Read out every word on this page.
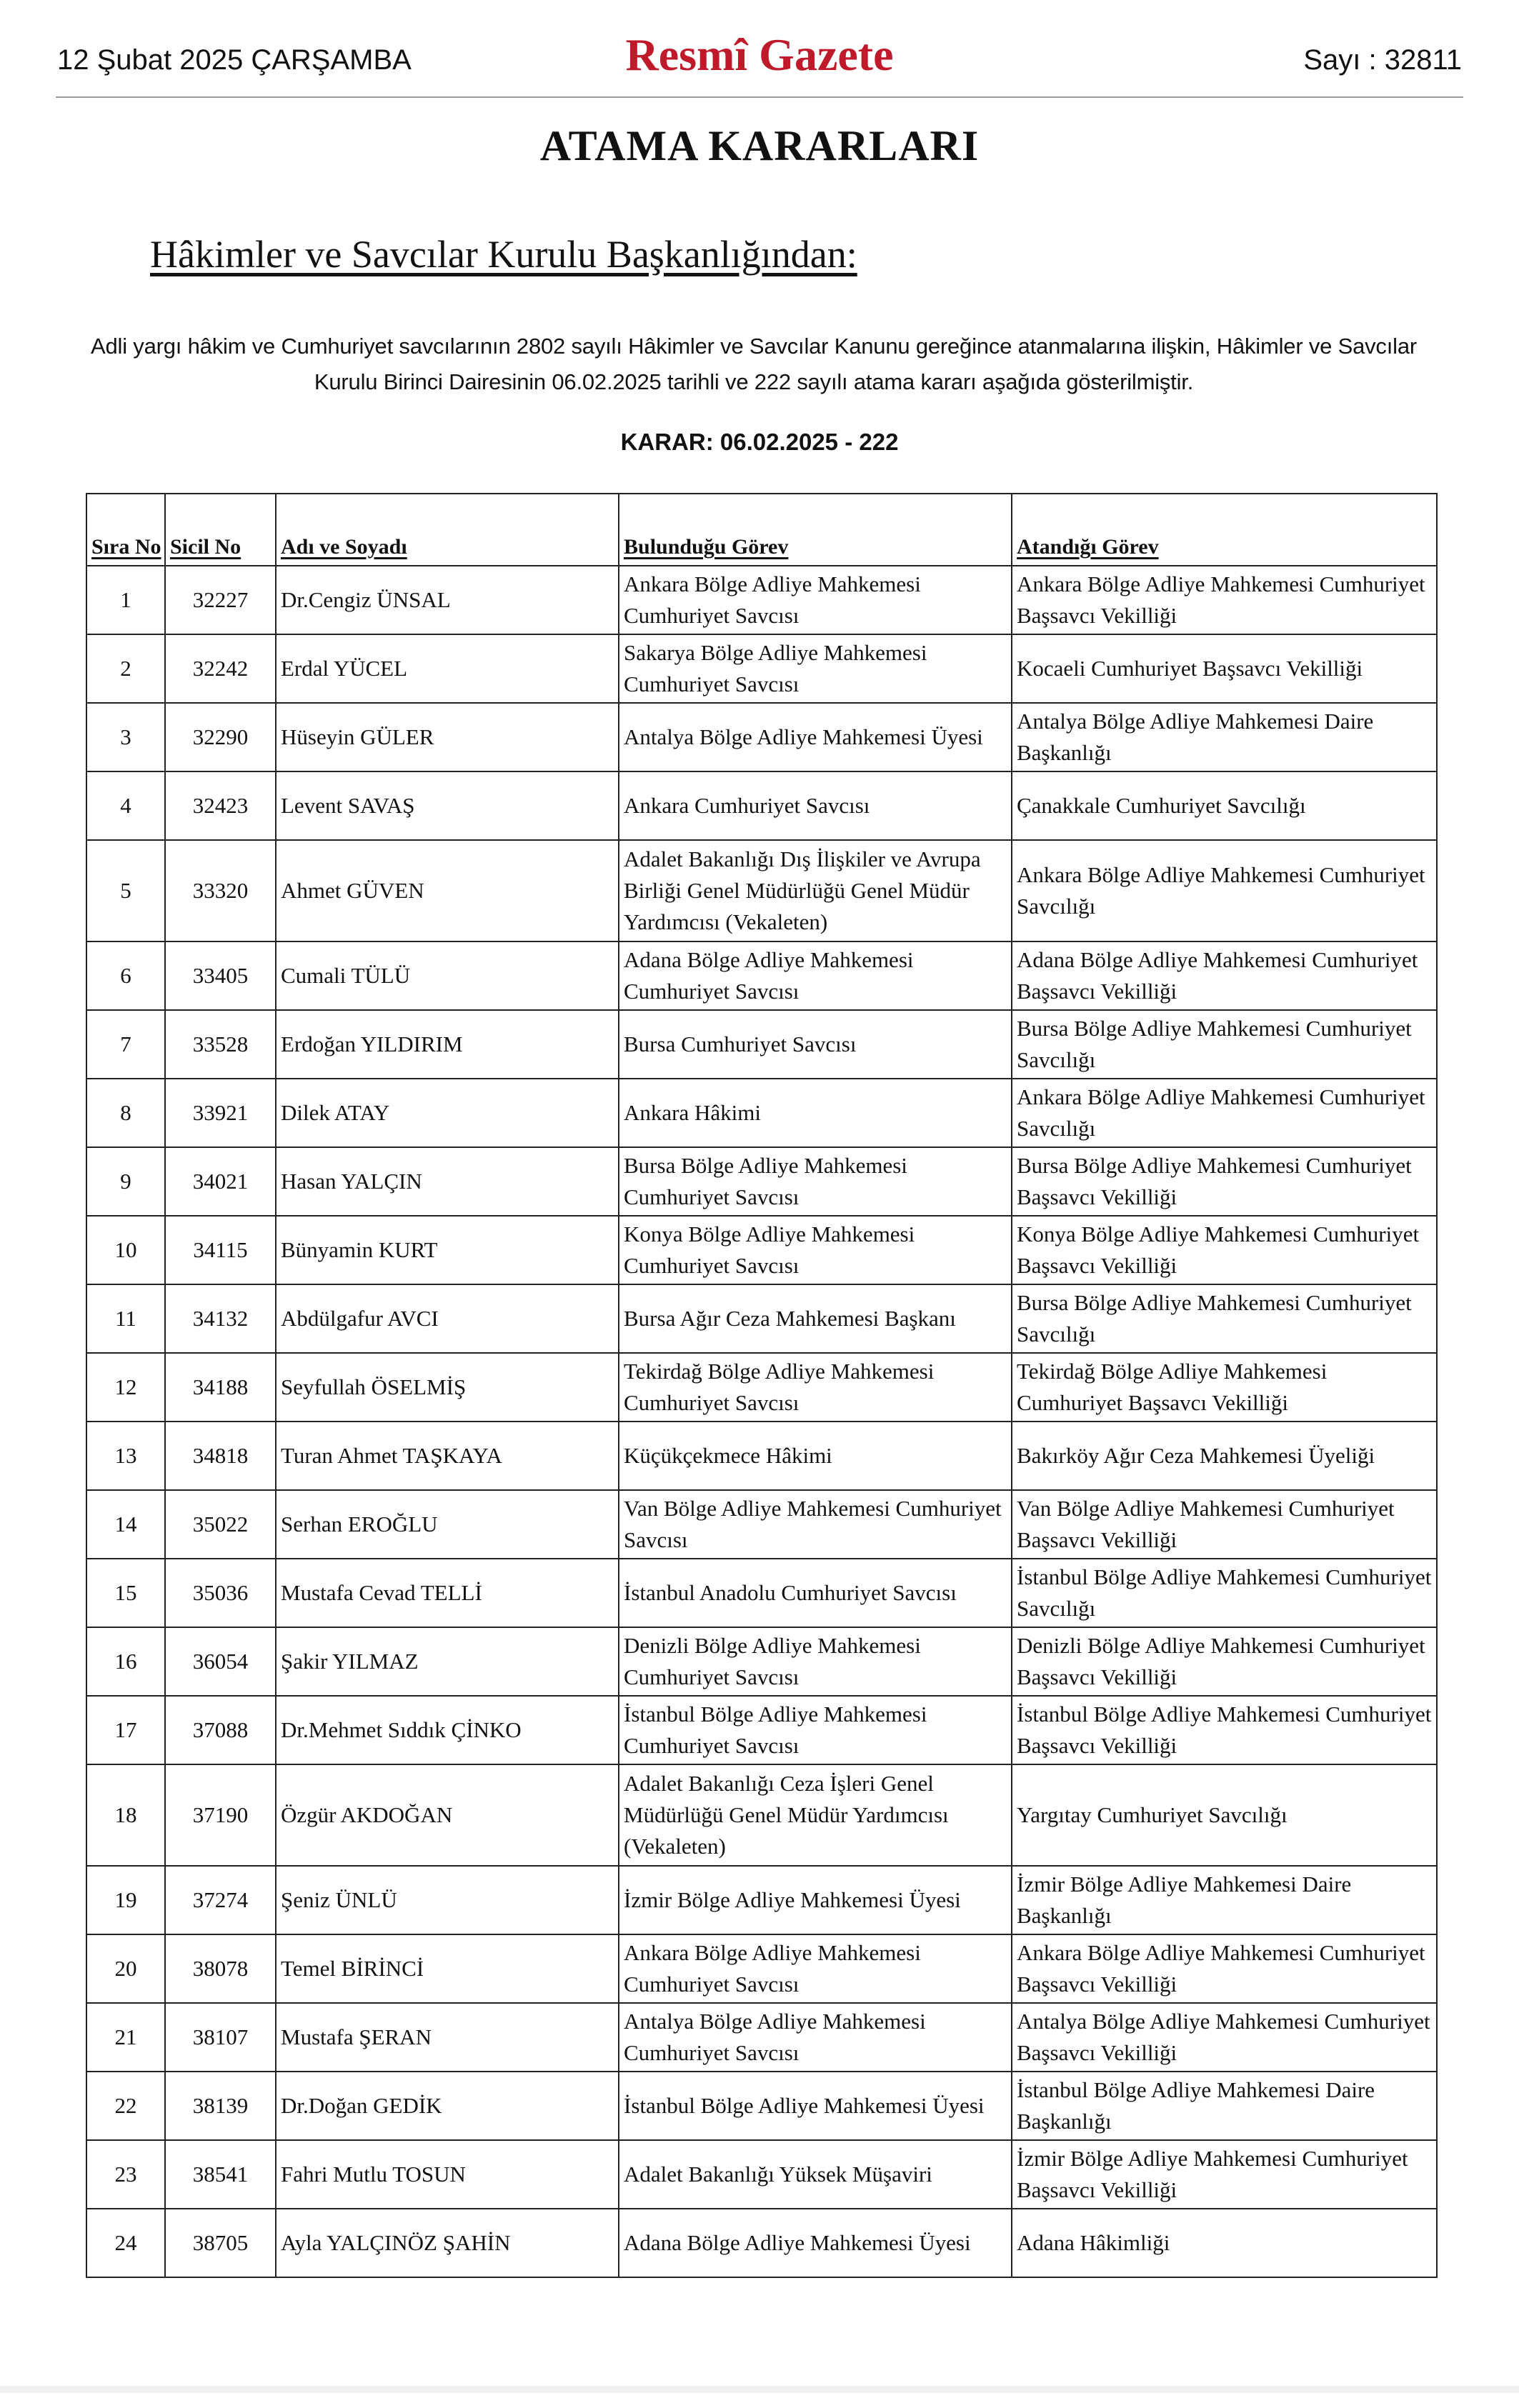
12 Şubat 2025 ÇARŞAMBA	Resmî Gazete	Sayı : 32811
ATAMA KARARLARI
Hâkimler ve Savcılar Kurulu Başkanlığından:
Adli yargı hâkim ve Cumhuriyet savcılarının 2802 sayılı Hâkimler ve Savcılar Kanunu gereğince atanmalarına ilişkin, Hâkimler ve Savcılar Kurulu Birinci Dairesinin 06.02.2025 tarihli ve 222 sayılı atama kararı aşağıda gösterilmiştir.
KARAR: 06.02.2025 - 222
Sıra No	Sicil No	Adı ve Soyadı	Bulunduğu Görev	Atandığı Görev
1	32227	Dr.Cengiz ÜNSAL	Ankara Bölge Adliye Mahkemesi Cumhuriyet Savcısı	Ankara Bölge Adliye Mahkemesi Cumhuriyet Başsavcı Vekilliği
2	32242	Erdal YÜCEL	Sakarya Bölge Adliye Mahkemesi Cumhuriyet Savcısı	Kocaeli Cumhuriyet Başsavcı Vekilliği
3	32290	Hüseyin GÜLER	Antalya Bölge Adliye Mahkemesi Üyesi	Antalya Bölge Adliye Mahkemesi Daire Başkanlığı
4	32423	Levent SAVAŞ	Ankara Cumhuriyet Savcısı	Çanakkale Cumhuriyet Savcılığı
5	33320	Ahmet GÜVEN	Adalet Bakanlığı Dış İlişkiler ve Avrupa Birliği Genel Müdürlüğü Genel Müdür Yardımcısı (Vekaleten)	Ankara Bölge Adliye Mahkemesi Cumhuriyet Savcılığı
6	33405	Cumali TÜLÜ	Adana Bölge Adliye Mahkemesi Cumhuriyet Savcısı	Adana Bölge Adliye Mahkemesi Cumhuriyet Başsavcı Vekilliği
7	33528	Erdoğan YILDIRIM	Bursa Cumhuriyet Savcısı	Bursa Bölge Adliye Mahkemesi Cumhuriyet Savcılığı
8	33921	Dilek ATAY	Ankara Hâkimi	Ankara Bölge Adliye Mahkemesi Cumhuriyet Savcılığı
9	34021	Hasan YALÇIN	Bursa Bölge Adliye Mahkemesi Cumhuriyet Savcısı	Bursa Bölge Adliye Mahkemesi Cumhuriyet Başsavcı Vekilliği
10	34115	Bünyamin KURT	Konya Bölge Adliye Mahkemesi Cumhuriyet Savcısı	Konya Bölge Adliye Mahkemesi Cumhuriyet Başsavcı Vekilliği
11	34132	Abdülgafur AVCI	Bursa Ağır Ceza Mahkemesi Başkanı	Bursa Bölge Adliye Mahkemesi Cumhuriyet Savcılığı
12	34188	Seyfullah ÖSELMİŞ	Tekirdağ Bölge Adliye Mahkemesi Cumhuriyet Savcısı	Tekirdağ Bölge Adliye Mahkemesi Cumhuriyet Başsavcı Vekilliği
13	34818	Turan Ahmet TAŞKAYA	Küçükçekmece Hâkimi	Bakırköy Ağır Ceza Mahkemesi Üyeliği
14	35022	Serhan EROĞLU	Van Bölge Adliye Mahkemesi Cumhuriyet Savcısı	Van Bölge Adliye Mahkemesi Cumhuriyet Başsavcı Vekilliği
15	35036	Mustafa Cevad TELLİ	İstanbul Anadolu Cumhuriyet Savcısı	İstanbul Bölge Adliye Mahkemesi Cumhuriyet Savcılığı
16	36054	Şakir YILMAZ	Denizli Bölge Adliye Mahkemesi Cumhuriyet Savcısı	Denizli Bölge Adliye Mahkemesi Cumhuriyet Başsavcı Vekilliği
17	37088	Dr.Mehmet Sıddık ÇİNKO	İstanbul Bölge Adliye Mahkemesi Cumhuriyet Savcısı	İstanbul Bölge Adliye Mahkemesi Cumhuriyet Başsavcı Vekilliği
18	37190	Özgür AKDOĞAN	Adalet Bakanlığı Ceza İşleri Genel Müdürlüğü Genel Müdür Yardımcısı (Vekaleten)	Yargıtay Cumhuriyet Savcılığı
19	37274	Şeniz ÜNLÜ	İzmir Bölge Adliye Mahkemesi Üyesi	İzmir Bölge Adliye Mahkemesi Daire Başkanlığı
20	38078	Temel BİRİNCİ	Ankara Bölge Adliye Mahkemesi Cumhuriyet Savcısı	Ankara Bölge Adliye Mahkemesi Cumhuriyet Başsavcı Vekilliği
21	38107	Mustafa ŞERAN	Antalya Bölge Adliye Mahkemesi Cumhuriyet Savcısı	Antalya Bölge Adliye Mahkemesi Cumhuriyet Başsavcı Vekilliği
22	38139	Dr.Doğan GEDİK	İstanbul Bölge Adliye Mahkemesi Üyesi	İstanbul Bölge Adliye Mahkemesi Daire Başkanlığı
23	38541	Fahri Mutlu TOSUN	Adalet Bakanlığı Yüksek Müşaviri	İzmir Bölge Adliye Mahkemesi Cumhuriyet Başsavcı Vekilliği
24	38705	Ayla YALÇINÖZ ŞAHİN	Adana Bölge Adliye Mahkemesi Üyesi	Adana Hâkimliği
